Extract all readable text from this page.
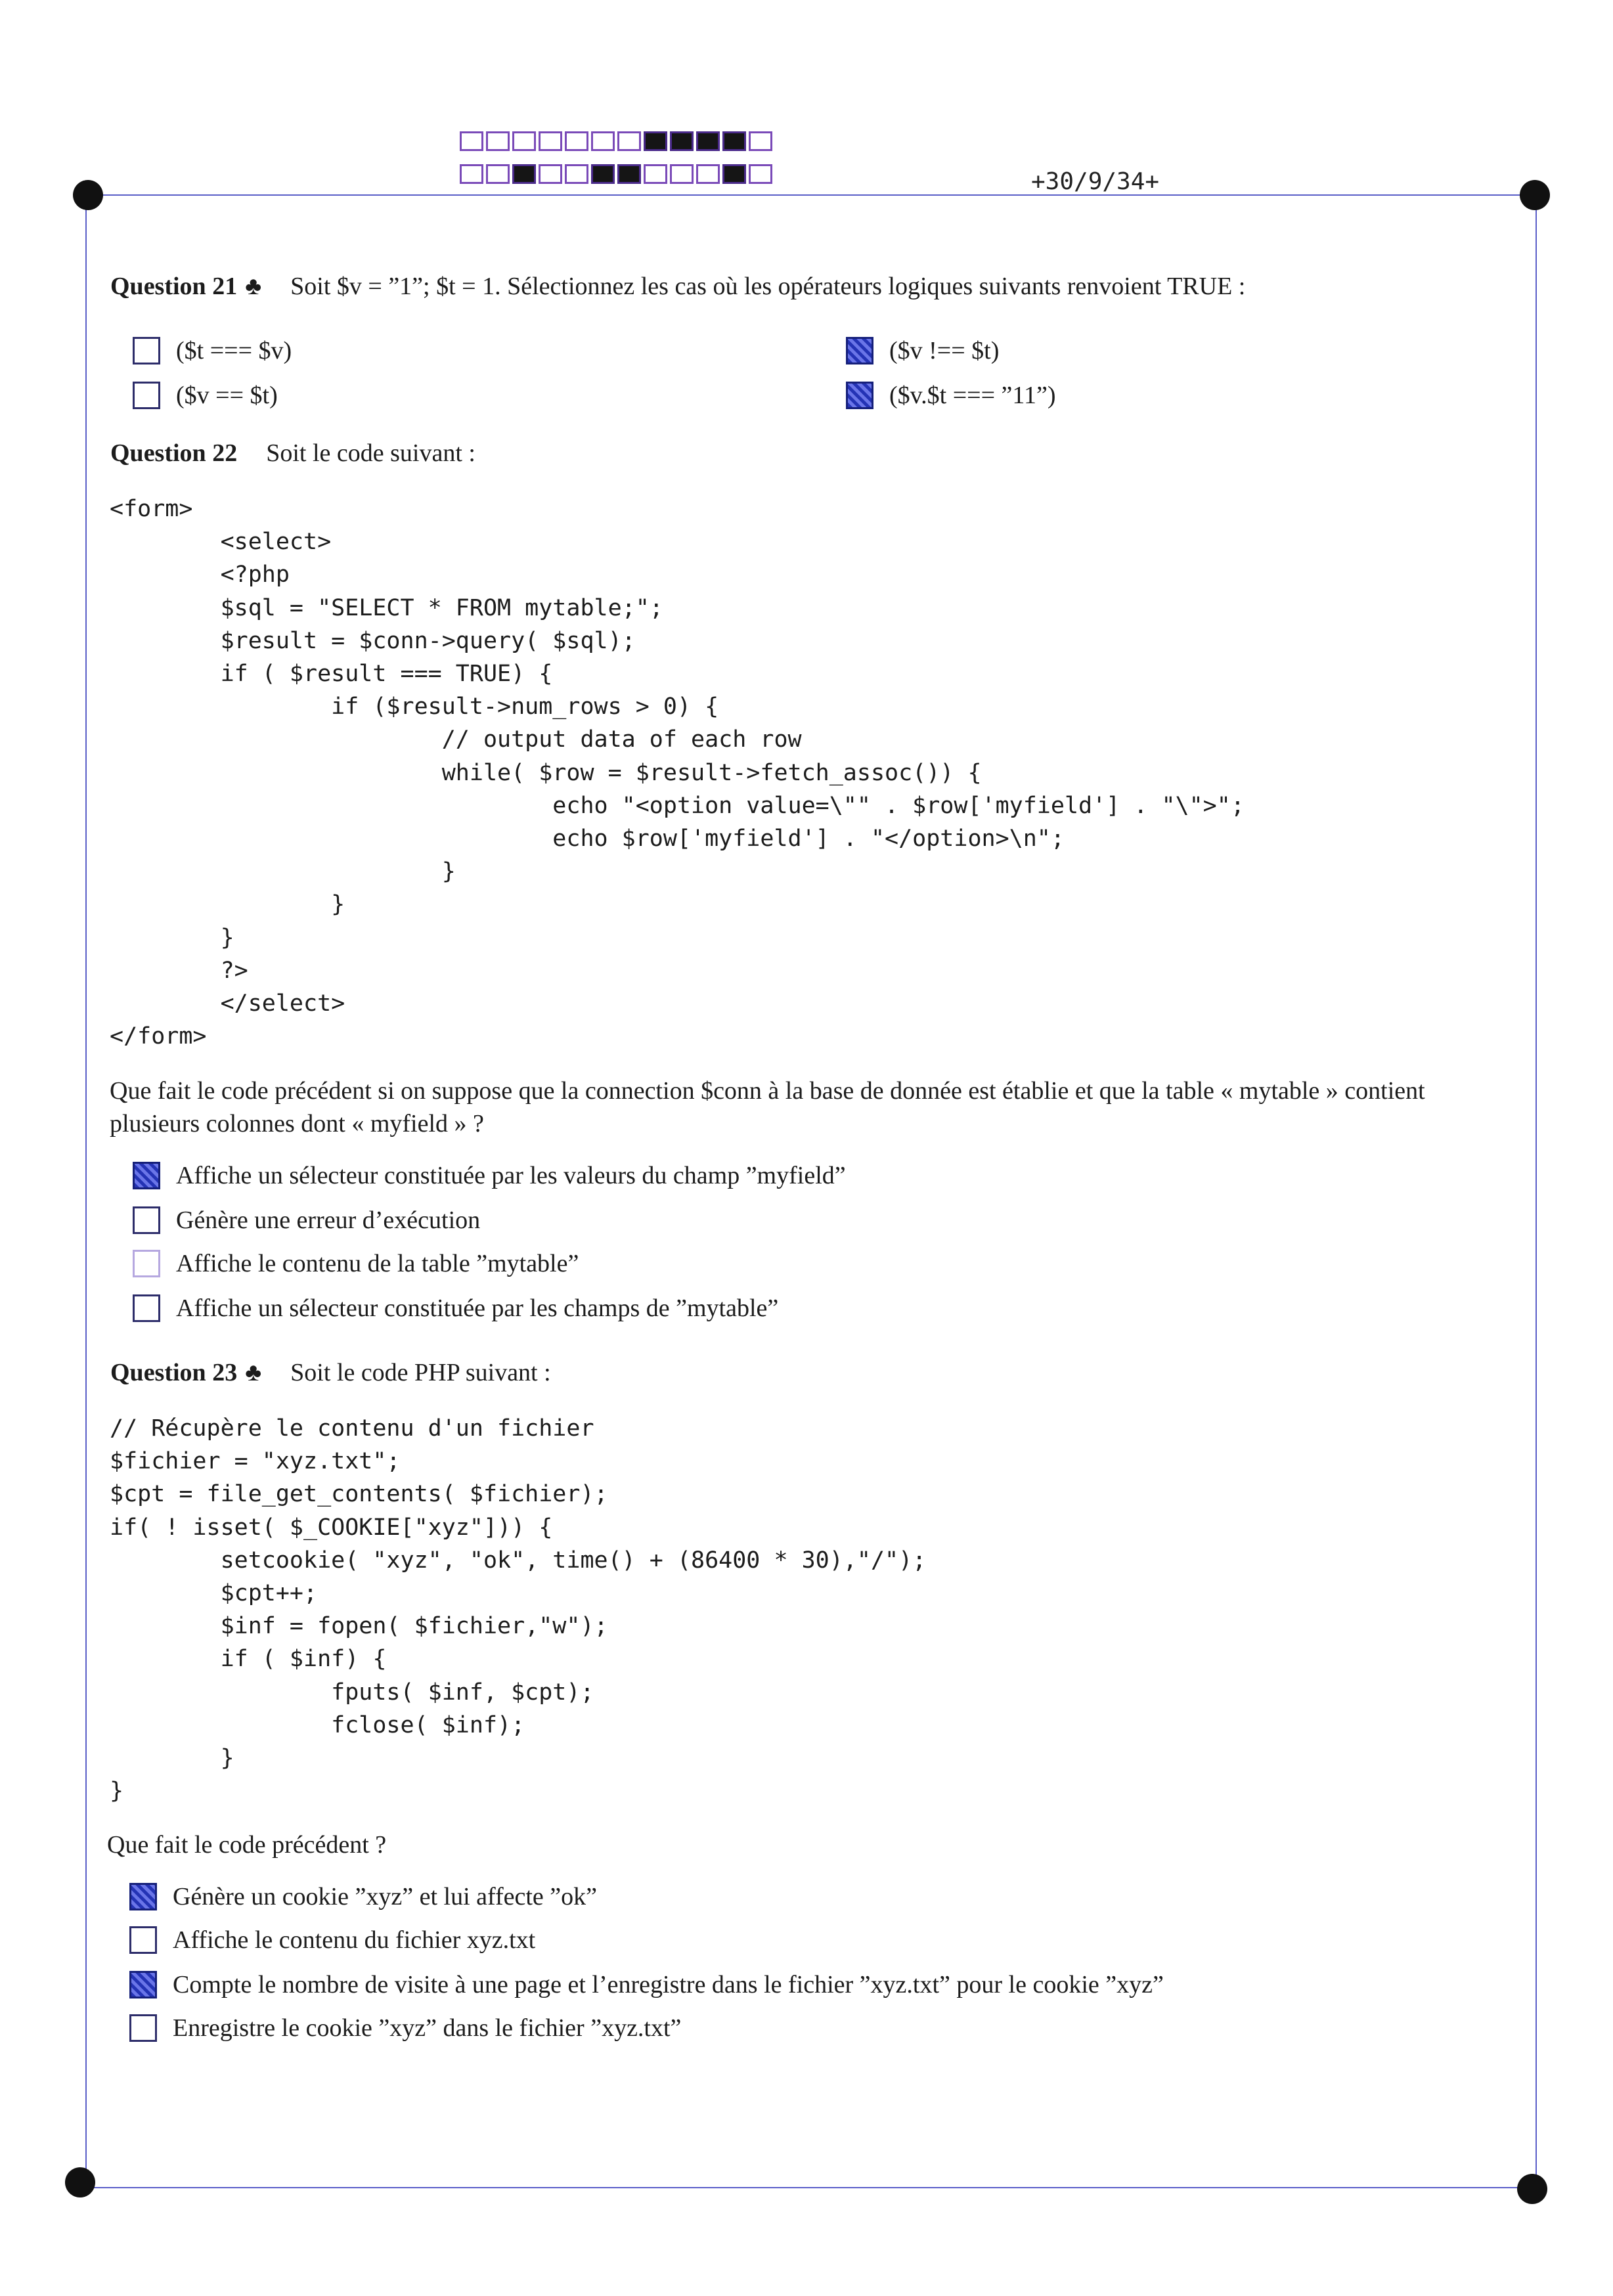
+30/9/34+
Question 21 ♣ Soit $v = ”1”; $t = 1. Sélectionnez les cas où les opérateurs logiques suivants renvoient TRUE :
($t === $v)
($v == $t)
($v !== $t)
($v.$t === ”11”)
Question 22 Soit le code suivant :
<form>
<select>
<?php
$sql = "SELECT * FROM mytable;";
$result = $conn->query( $sql);
if ( $result === TRUE) {
if ($result->num_rows > 0) {
// output data of each row
while( $row = $result->fetch_assoc()) {
echo "<option value=\"" . $row['myfield'] . "\">";
echo $row['myfield'] . "</option>\n";
}
}
}
?>
</select>
</form>
Que fait le code précédent si on suppose que la connection $conn à la base de donnée est établie et que la table « mytable » contient plusieurs colonnes dont « myfield » ?
Affiche un sélecteur constituée par les valeurs du champ ”myfield”
Génère une erreur d’exécution
Affiche le contenu de la table ”mytable”
Affiche un sélecteur constituée par les champs de ”mytable”
Question 23 ♣ Soit le code PHP suivant :
// Récupère le contenu d'un fichier
$fichier = "xyz.txt";
$cpt = file_get_contents( $fichier);
if( ! isset( $_COOKIE["xyz"])) {
setcookie( "xyz", "ok", time() + (86400 * 30),"/");
$cpt++;
$inf = fopen( $fichier,"w");
if ( $inf) {
fputs( $inf, $cpt);
fclose( $inf);
}
}
Que fait le code précédent ?
Génère un cookie ”xyz” et lui affecte ”ok”
Affiche le contenu du fichier xyz.txt
Compte le nombre de visite à une page et l’enregistre dans le fichier ”xyz.txt” pour le cookie ”xyz”
Enregistre le cookie ”xyz” dans le fichier ”xyz.txt”
